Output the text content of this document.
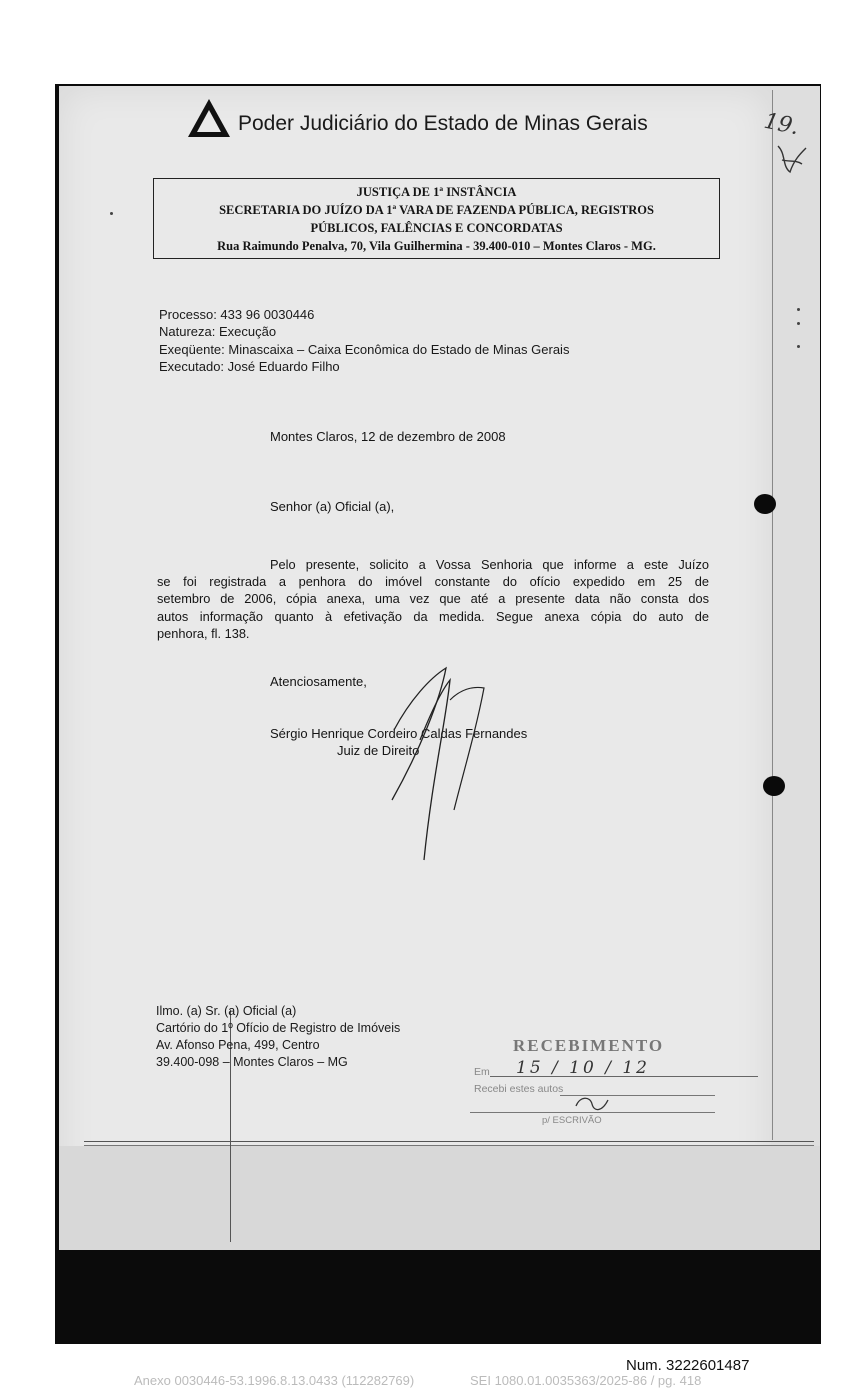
Poder Judiciário do Estado de Minas Gerais	19.
JUSTIÇA DE 1ª INSTÂNCIA
SECRETARIA DO JUÍZO DA 1ª VARA DE FAZENDA PÚBLICA, REGISTROS
PÚBLICOS, FALÊNCIAS E CONCORDATAS
Rua Raimundo Penalva, 70, Vila Guilhermina - 39.400-010 – Montes Claros - MG.
Processo: 433 96 0030446
Natureza: Execução
Exeqüente: Minascaixa – Caixa Econômica do Estado de Minas Gerais
Executado: José Eduardo Filho
Montes Claros, 12 de dezembro de 2008
Senhor (a) Oficial (a),
Pelo presente, solicito a Vossa Senhoria que informe a este Juízo
se foi registrada a penhora do imóvel constante do ofício expedido em 25 de
setembro de 2006, cópia anexa, uma vez que até a presente data não consta dos
autos informação quanto à efetivação da medida. Segue anexa cópia do auto de
penhora, fl. 138.
Atenciosamente,
Sérgio Henrique Cordeiro Caldas Fernandes
Juiz de Direito
Ilmo. (a) Sr. (a) Oficial (a)
Cartório do 1º Ofício de Registro de Imóveis
Av. Afonso Pena, 499, Centro
39.400-098 – Montes Claros – MG
RECEBIMENTO
Em 15 / 10 / 12
Recebi estes autos
p/ ESCRIVÃO
Num. 3222601487
Anexo 0030446-53.1996.8.13.0433 (112282769)	SEI 1080.01.0035363/2025-86 / pg. 418
